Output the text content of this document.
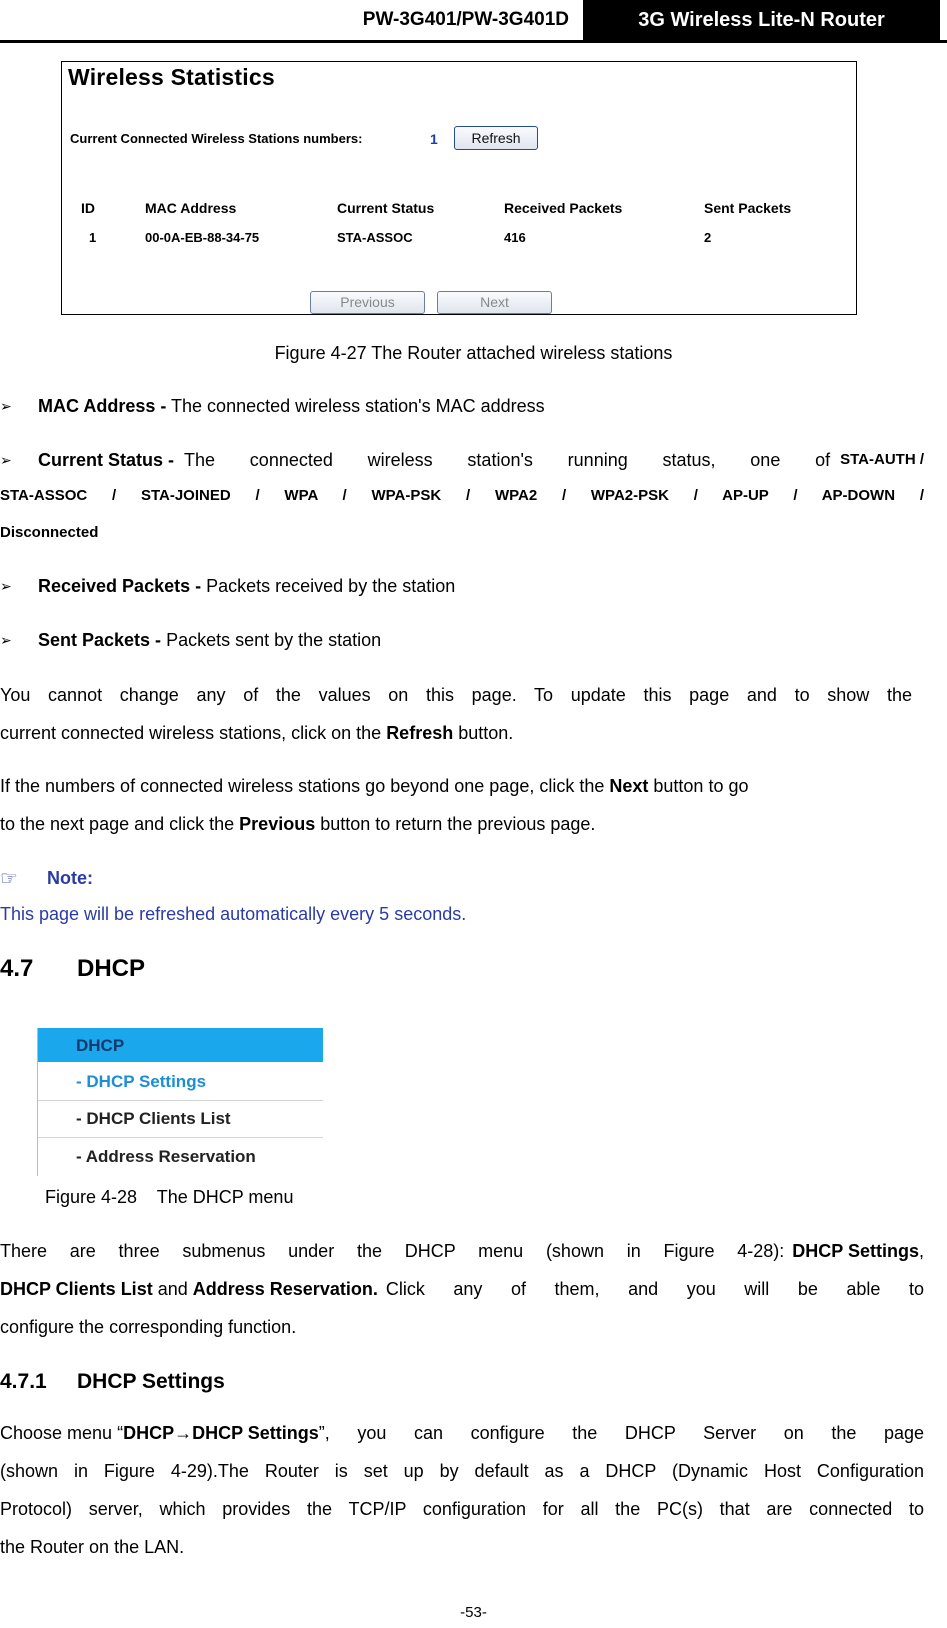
PW-3G401/PW-3G401D	3G Wireless Lite-N Router
Wireless Statistics
Current Connected Wireless Stations numbers:	1	Refresh
ID	MAC Address	Current Status	Received Packets	Sent Packets
1	00-0A-EB-88-34-75	STA-ASSOC	416	2
Previous	Next
Figure 4-27 The Router attached wireless stations
➢ MAC Address - The connected wireless station's MAC address
➢ Current Status - The connected wireless station's running status, one of STA-AUTH /
STA-ASSOC / STA-JOINED / WPA / WPA-PSK / WPA2 / WPA2-PSK / AP-UP / AP-DOWN /
Disconnected
➢ Received Packets - Packets received by the station
➢ Sent Packets - Packets sent by the station
You cannot change any of the values on this page. To update this page and to show the
current connected wireless stations, click on the Refresh button.
If the numbers of connected wireless stations go beyond one page, click the Next button to go
to the next page and click the Previous button to return the previous page.
☞ Note:
This page will be refreshed automatically every 5 seconds.
4.7 DHCP
DHCP
- DHCP Settings
- DHCP Clients List
- Address Reservation
Figure 4-28    The DHCP menu
There are three submenus under the DHCP menu (shown in Figure 4-28): DHCP Settings ,
DHCP Clients List and Address Reservation. Click any of them, and you will be able to
configure the corresponding function.
4.7.1 DHCP Settings
Choose menu “ DHCP→DHCP Settings ”, you can configure the DHCP Server on the page
(shown in Figure 4-29).The Router is set up by default as a DHCP (Dynamic Host Configuration
Protocol) server, which provides the TCP/IP configuration for all the PC(s) that are connected to
the Router on the LAN.
-53-
